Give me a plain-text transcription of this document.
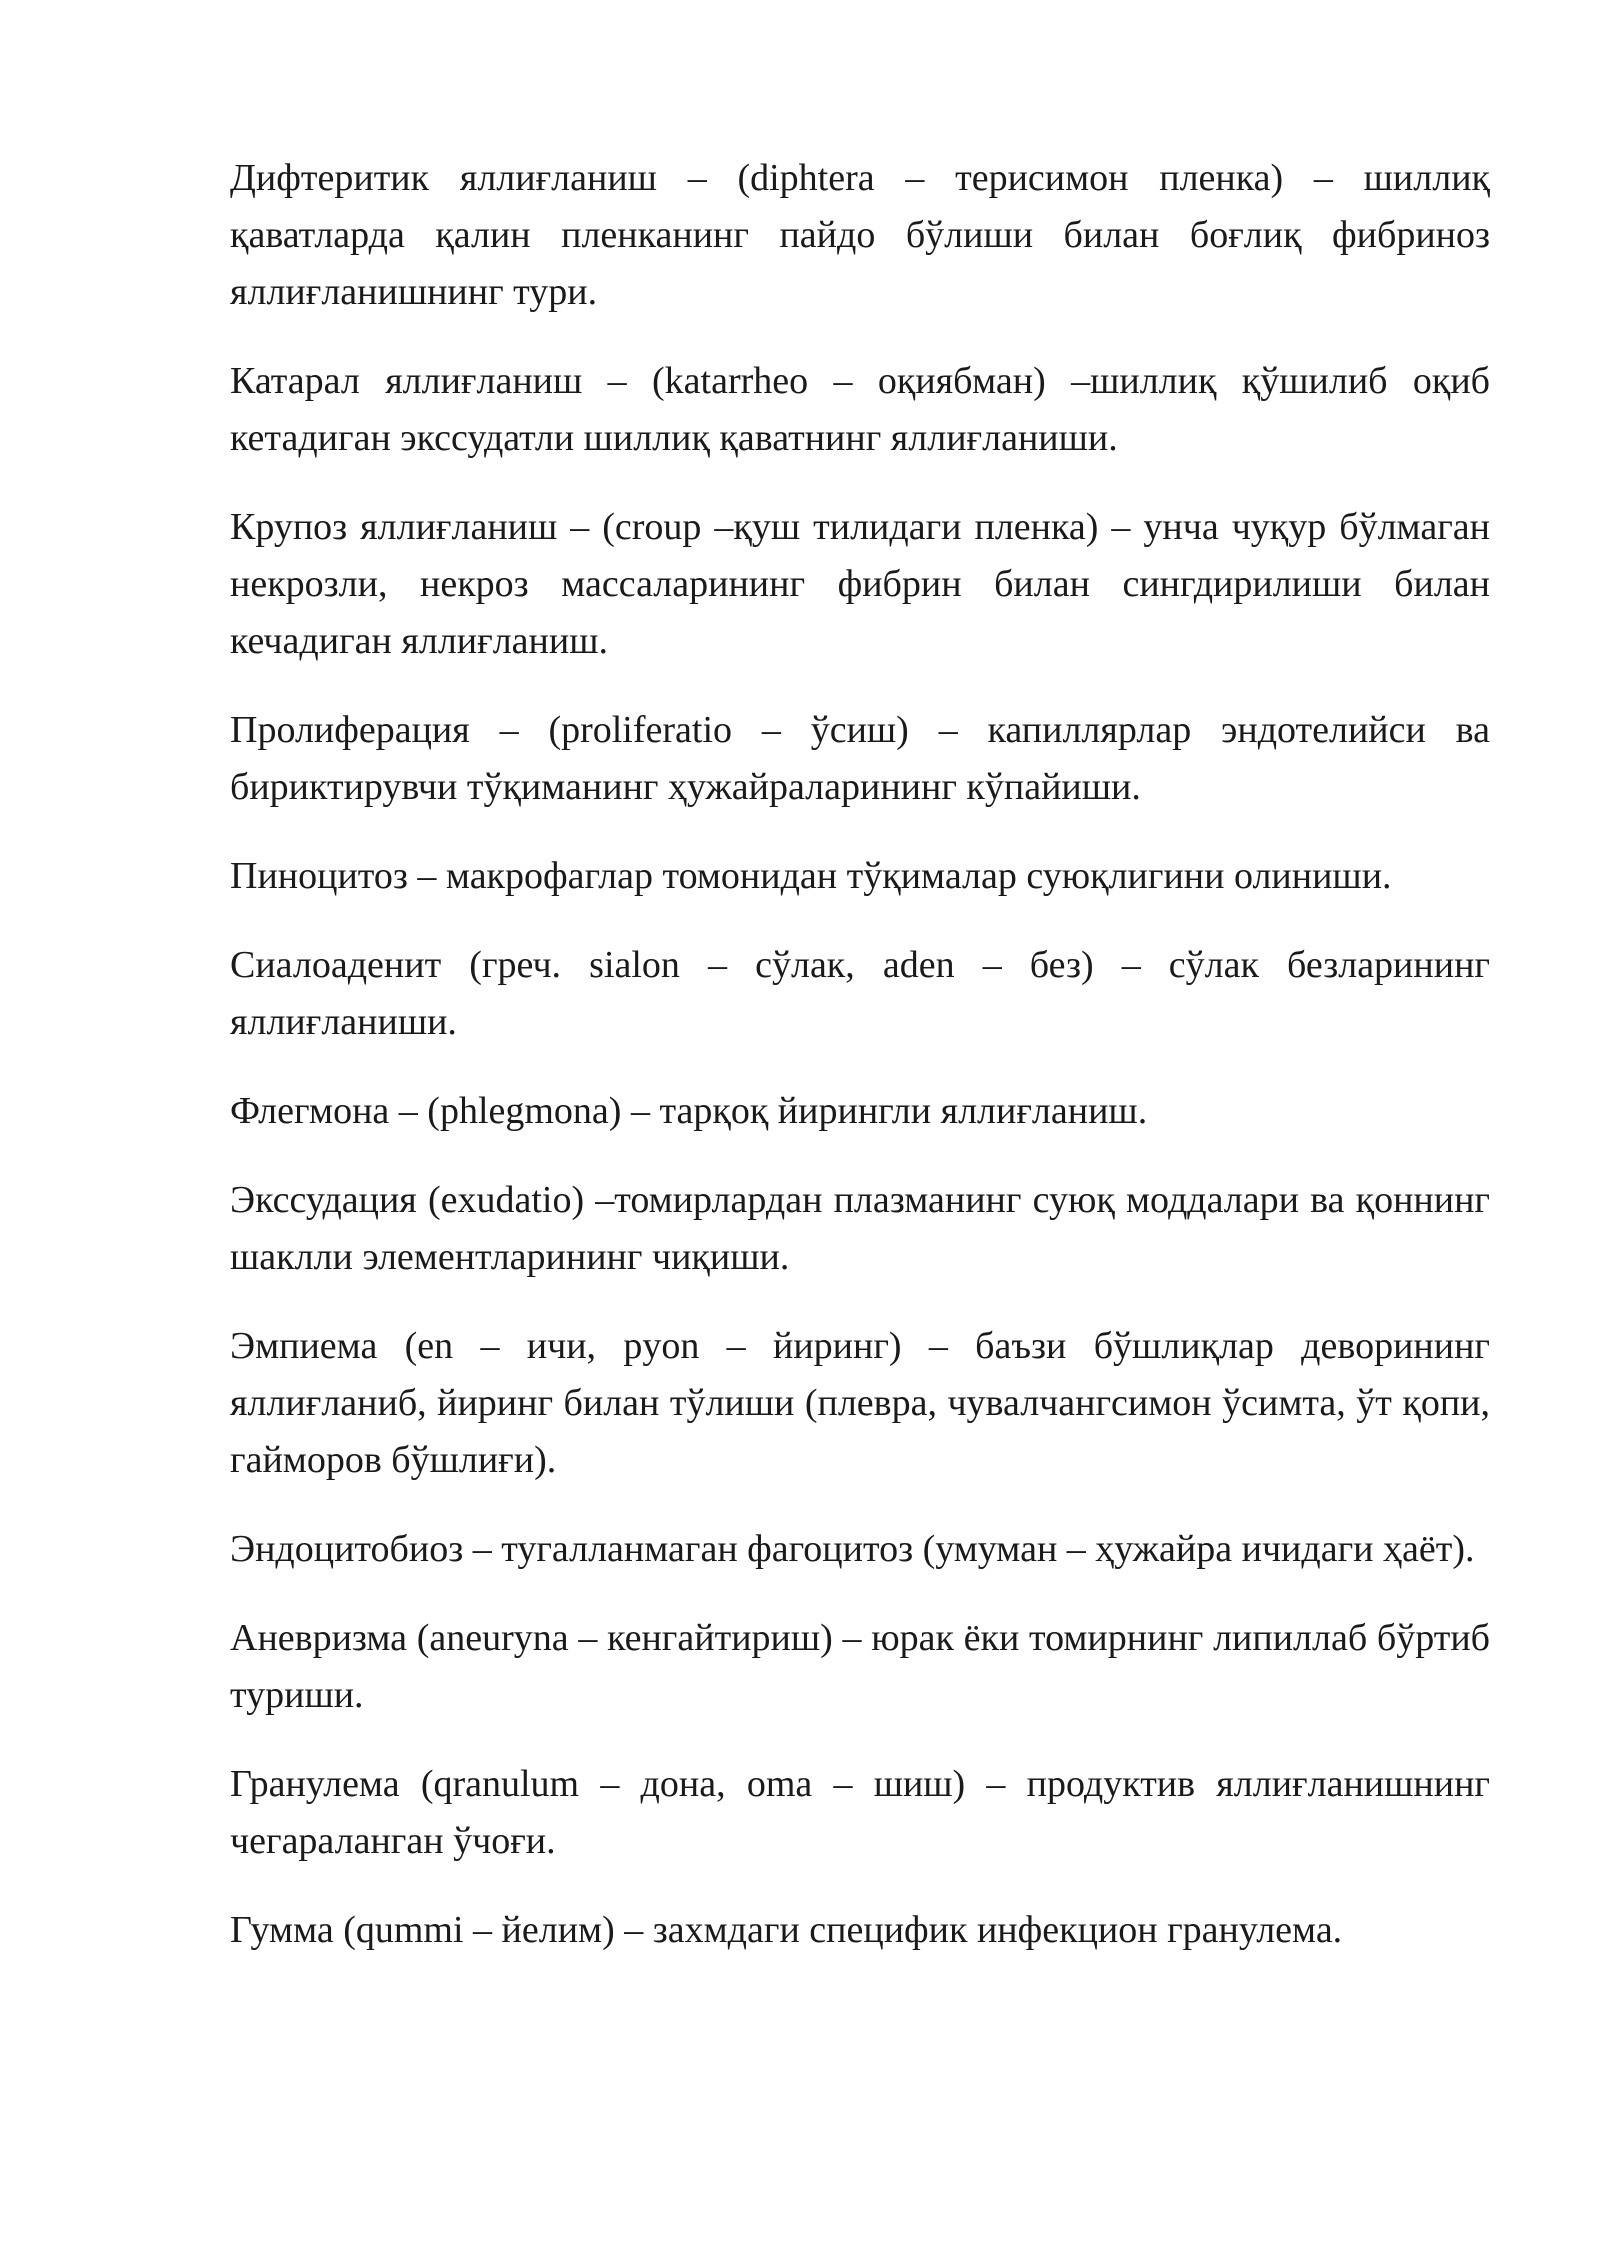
Дифтеритик яллиғланиш – (diphtera – терисимон пленка) – шиллиқ қаватларда қалин пленканинг пайдо бўлиши билан боғлиқ фибриноз яллиғланишнинг тури.

Катарал яллиғланиш – (katarrheo – оқиябман) –шиллиқ қўшилиб оқиб кетадиган экссудатли шиллиқ қаватнинг яллиғланиши.

Крупоз яллиғланиш – (croup –қуш тилидаги пленка) – унча чуқур бўлмаган некрозли, некроз массаларининг фибрин билан сингдирилиши билан кечадиган яллиғланиш.

Пролиферация – (proliferatio – ўсиш) – капиллярлар эндотелийси ва бириктирувчи тўқиманинг ҳужайраларининг кўпайиши.

Пиноцитоз – макрофаглар томонидан тўқималар суюқлигини олиниши.

Сиалоаденит (греч. sialon – сўлак, aden – без) – сўлак безларининг яллиғланиши.

Флегмона – (phlegmona) – тарқоқ йирингли яллиғланиш.

Экссудация (exudatio) –томирлардан плазманинг суюқ моддалари ва қоннинг шаклли элементларининг чиқиши.

Эмпиема (en – ичи, pyon – йиринг) – баъзи бўшлиқлар деворининг яллиғланиб, йиринг билан тўлиши (плевра, чувалчангсимон ўсимта, ўт қопи, гайморов бўшлиғи).

Эндоцитобиоз – тугалланмаган фагоцитоз (умуман – ҳужайра ичидаги ҳаёт).

Аневризма (aneuryna – кенгайтириш) – юрак ёки томирнинг липиллаб бўртиб туриши.

Гранулема (qranulum – дона, oma – шиш) – продуктив яллиғланишнинг чегараланган ўчоғи.

Гумма (qummi – йелим) – захмдаги специфик инфекцион гранулема.
